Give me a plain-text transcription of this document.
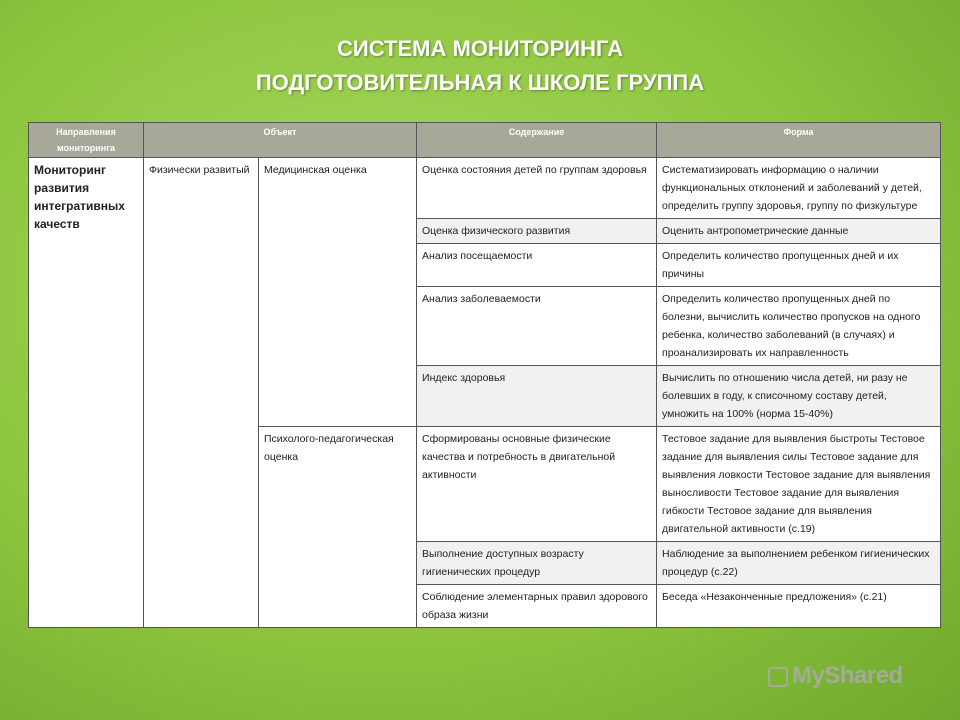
СИСТЕМА МОНИТОРИНГА
ПОДГОТОВИТЕЛЬНАЯ К ШКОЛЕ ГРУППА
Направления мониторинга	Объект		Содержание	Форма
Мониторинг развития интегративных качеств	Физически развитый	Медицинская оценка	Оценка состояния детей по группам здоровья	Систематизировать информацию о наличии функциональных отклонений и заболеваний у детей, определить группу здоровья, группу по физкультуре
			Оценка физического развития	Оценить антропометрические данные
			Анализ посещаемости	Определить количество пропущенных дней и их причины
			Анализ заболеваемости	Определить количество пропущенных дней по болезни, вычислить количество пропусков на одного ребенка, количество заболеваний (в случаях) и проанализировать их направленность
			Индекс здоровья	Вычислить по отношению числа детей, ни разу не болевших в году, к списочному составу детей, умножить на 100% (норма 15-40%)
		Психолого-педагогическая оценка	Сформированы основные физические качества и потребность в двигательной активности	Тестовое задание для выявления быстроты Тестовое задание для выявления силы Тестовое задание для выявления ловкости Тестовое задание для выявления выносливости Тестовое задание для выявления гибкости Тестовое задание для выявления двигательной активности (с.19)
			Выполнение доступных возрасту гигиенических процедур	Наблюдение за выполнением ребенком гигиенических процедур (с.22)
			Соблюдение элементарных правил здорового образа жизни	Беседа «Незаконченные предложения» (с.21)
MyShared
